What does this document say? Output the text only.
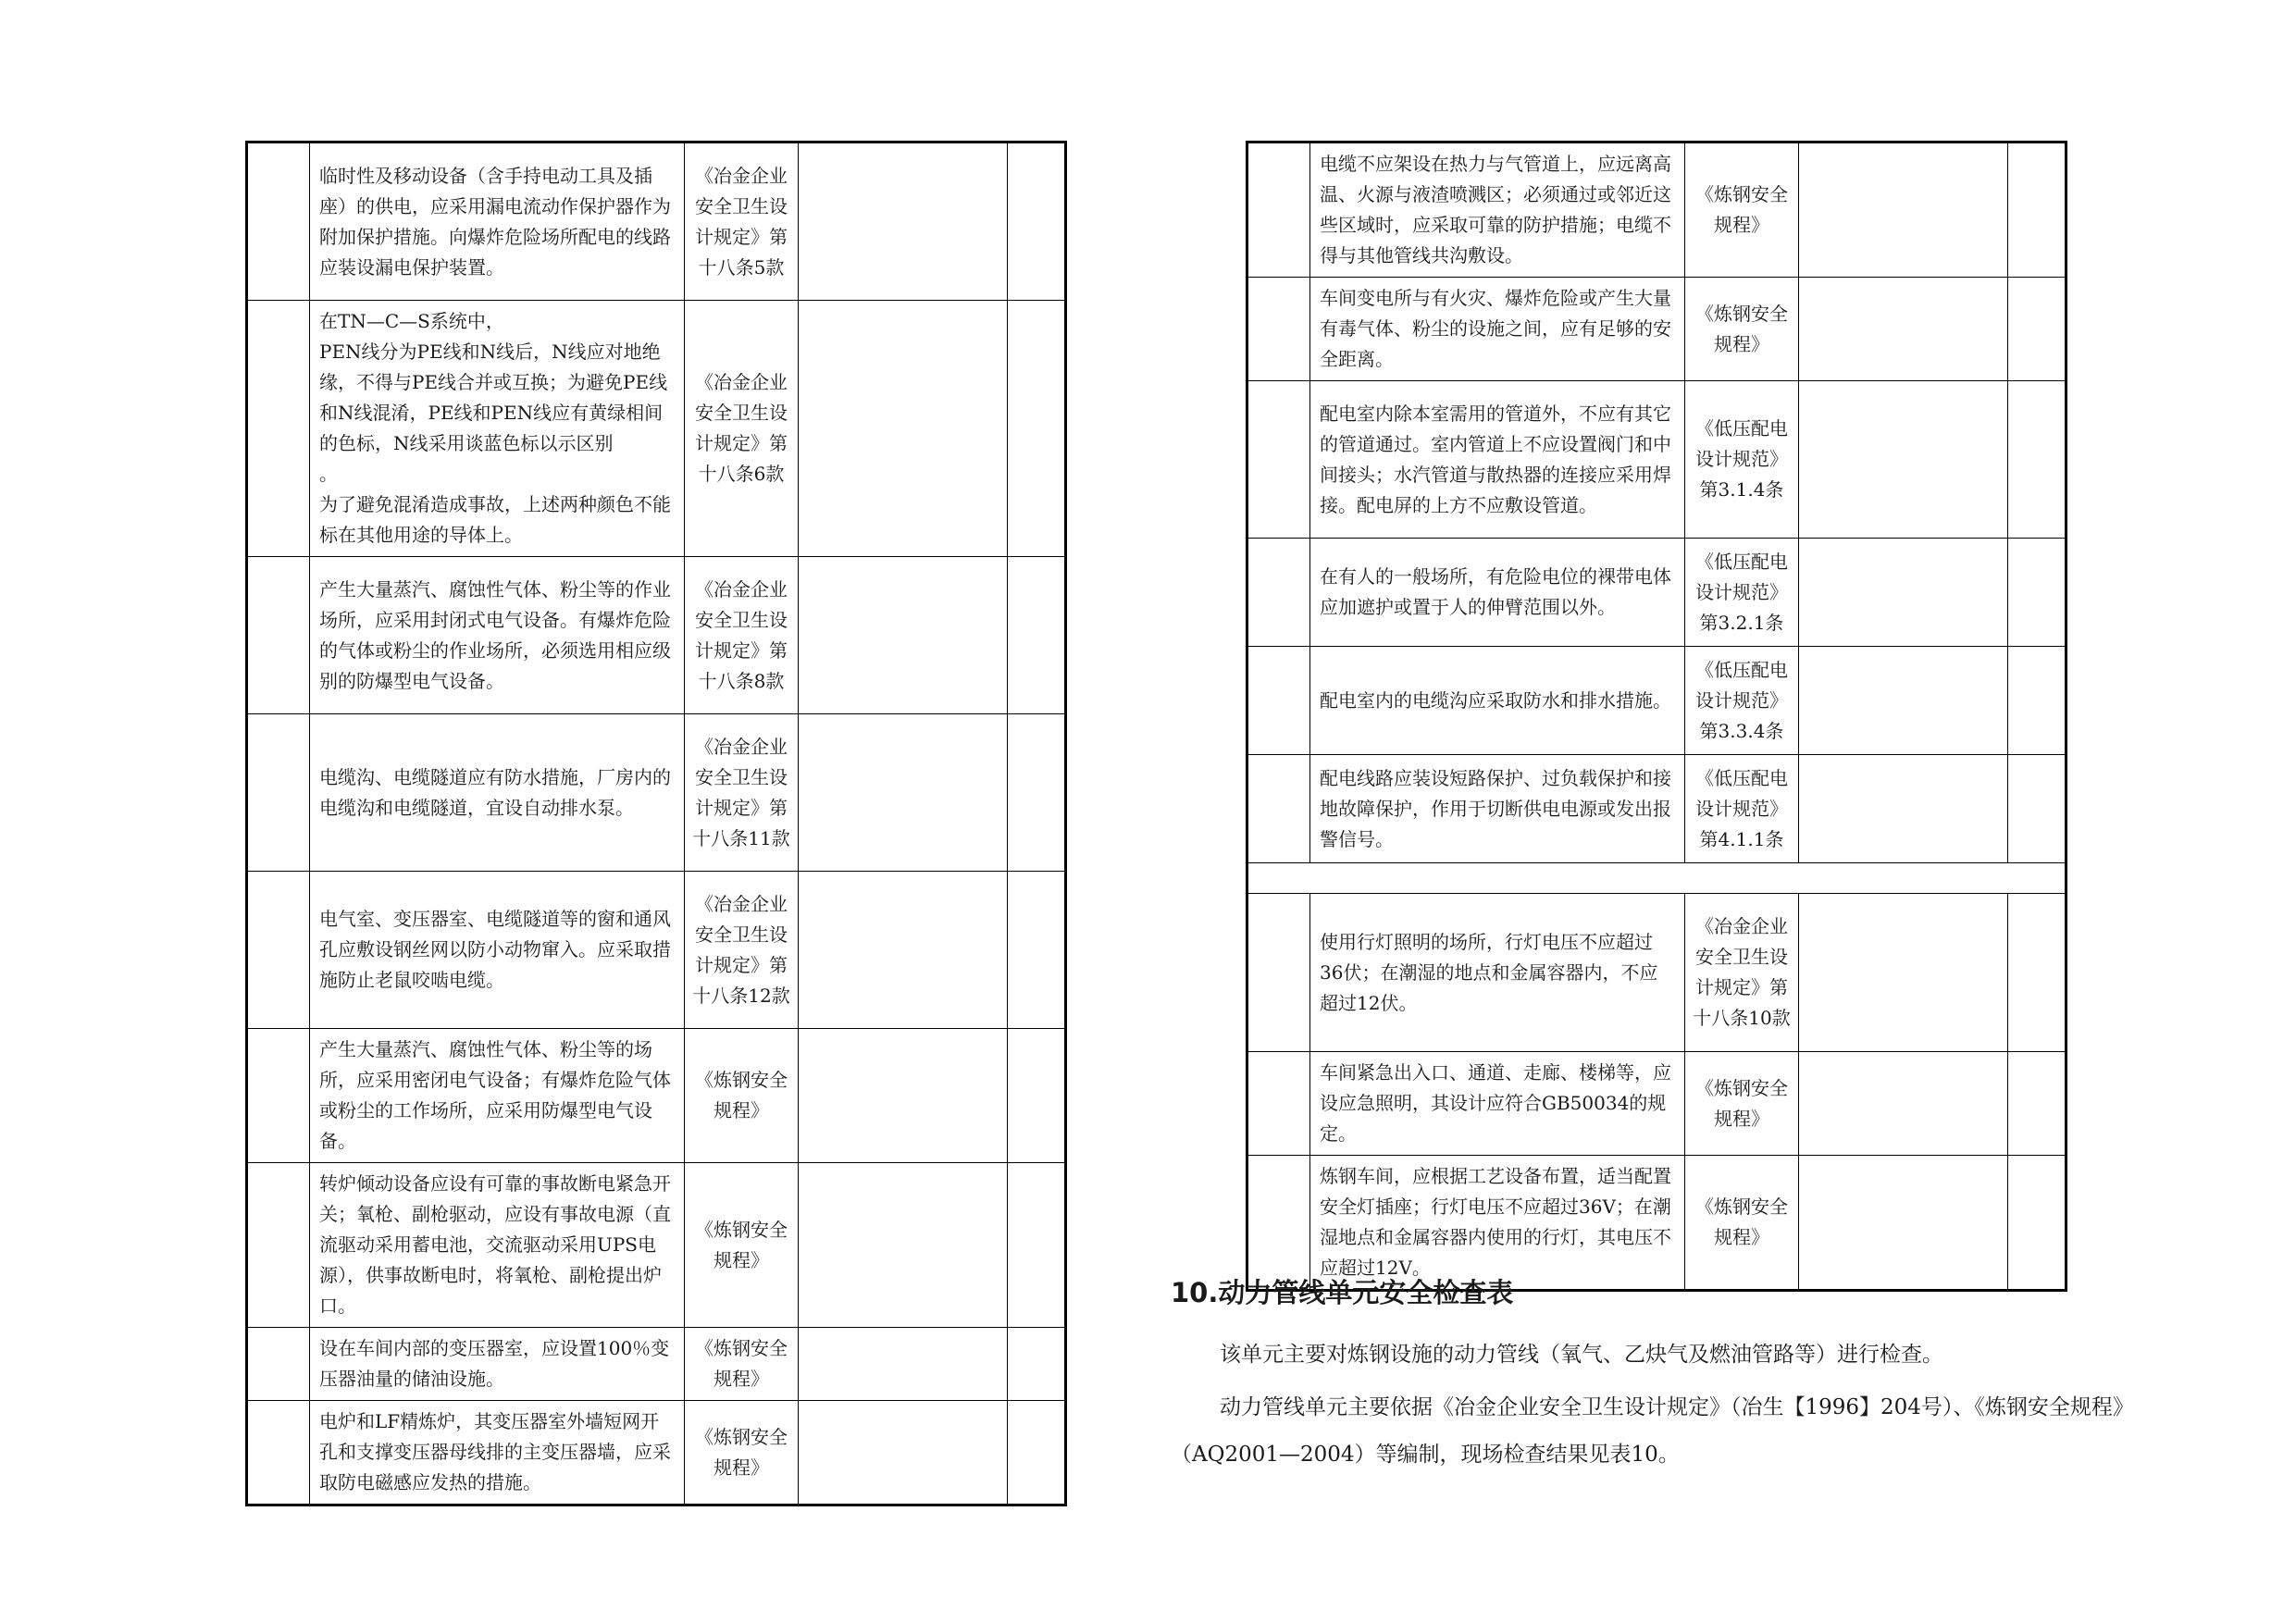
	临时性及移动设备（含手持电动工具及插座）的供电，应采用漏电流动作保护器作为附加保护措施。向爆炸危险场所配电的线路应装设漏电保护装置。	《冶金企业安全卫生设计规定》第十八条5款		
	在TN—C—S系统中，
PEN线分为PE线和N线后，N线应对地绝缘，不得与PE线合并或互换；为避免PE线和N线混淆，PE线和PEN线应有黄绿相间的色标，N线采用谈蓝色标以示区别
。
为了避免混淆造成事故，上述两种颜色不能标在其他用途的导体上。	《冶金企业安全卫生设计规定》第十八条6款		
	产生大量蒸汽、腐蚀性气体、粉尘等的作业场所，应采用封闭式电气设备。有爆炸危险的气体或粉尘的作业场所，必须选用相应级别的防爆型电气设备。	《冶金企业安全卫生设计规定》第十八条8款		
	电缆沟、电缆隧道应有防水措施，厂房内的电缆沟和电缆隧道，宜设自动排水泵。	《冶金企业安全卫生设计规定》第十八条11款		
	电气室、变压器室、电缆隧道等的窗和通风孔应敷设钢丝网以防小动物窜入。应采取措施防止老鼠咬啮电缆。	《冶金企业安全卫生设计规定》第十八条12款		
	产生大量蒸汽、腐蚀性气体、粉尘等的场所，应采用密闭电气设备；有爆炸危险气体或粉尘的工作场所，应采用防爆型电气设备。	《炼钢安全规程》		
	转炉倾动设备应设有可靠的事故断电紧急开关；氧枪、副枪驱动，应设有事故电源（直流驱动采用蓄电池，交流驱动采用UPS电源），供事故断电时，将氧枪、副枪提出炉口。	《炼钢安全规程》		
	设在车间内部的变压器室，应设置100％变压器油量的储油设施。	《炼钢安全规程》		
	电炉和LF精炼炉，其变压器室外墙短网开孔和支撑变压器母线排的主变压器墙，应采取防电磁感应发热的措施。	《炼钢安全规程》		
	电缆不应架设在热力与气管道上，应远离高温、火源与液渣喷溅区；必须通过或邻近这些区域时，应采取可靠的防护措施；电缆不得与其他管线共沟敷设。	《炼钢安全规程》		
	车间变电所与有火灾、爆炸危险或产生大量有毒气体、粉尘的设施之间，应有足够的安全距离。	《炼钢安全规程》		
	配电室内除本室需用的管道外，不应有其它的管道通过。室内管道上不应设置阀门和中间接头；水汽管道与散热器的连接应采用焊接。配电屏的上方不应敷设管道。	《低压配电设计规范》第3.1.4条		
	在有人的一般场所，有危险电位的裸带电体应加遮护或置于人的伸臂范围以外。	《低压配电设计规范》第3.2.1条		
	配电室内的电缆沟应采取防水和排水措施。	《低压配电设计规范》第3.3.4条		
	配电线路应装设短路保护、过负载保护和接地故障保护，作用于切断供电电源或发出报警信号。	《低压配电设计规范》第4.1.1条		

	使用行灯照明的场所，行灯电压不应超过36伏；在潮湿的地点和金属容器内，不应超过12伏。	《冶金企业安全卫生设计规定》第十八条10款		
	车间紧急出入口、通道、走廊、楼梯等，应设应急照明，其设计应符合GB50034的规定。	《炼钢安全规程》		
	炼钢车间，应根据工艺设备布置，适当配置安全灯插座；行灯电压不应超过36V；在潮湿地点和金属容器内使用的行灯，其电压不应超过12V。	《炼钢安全规程》		
10.动力管线单元安全检查表

该单元主要对炼钢设施的动力管线（氧气、乙炔气及燃油管路等）进行检查。

动力管线单元主要依据《冶金企业安全卫生设计规定》（冶生【1996】204号）、《炼钢安全规程》（AQ2001—2004）等编制，现场检查结果见表10。
